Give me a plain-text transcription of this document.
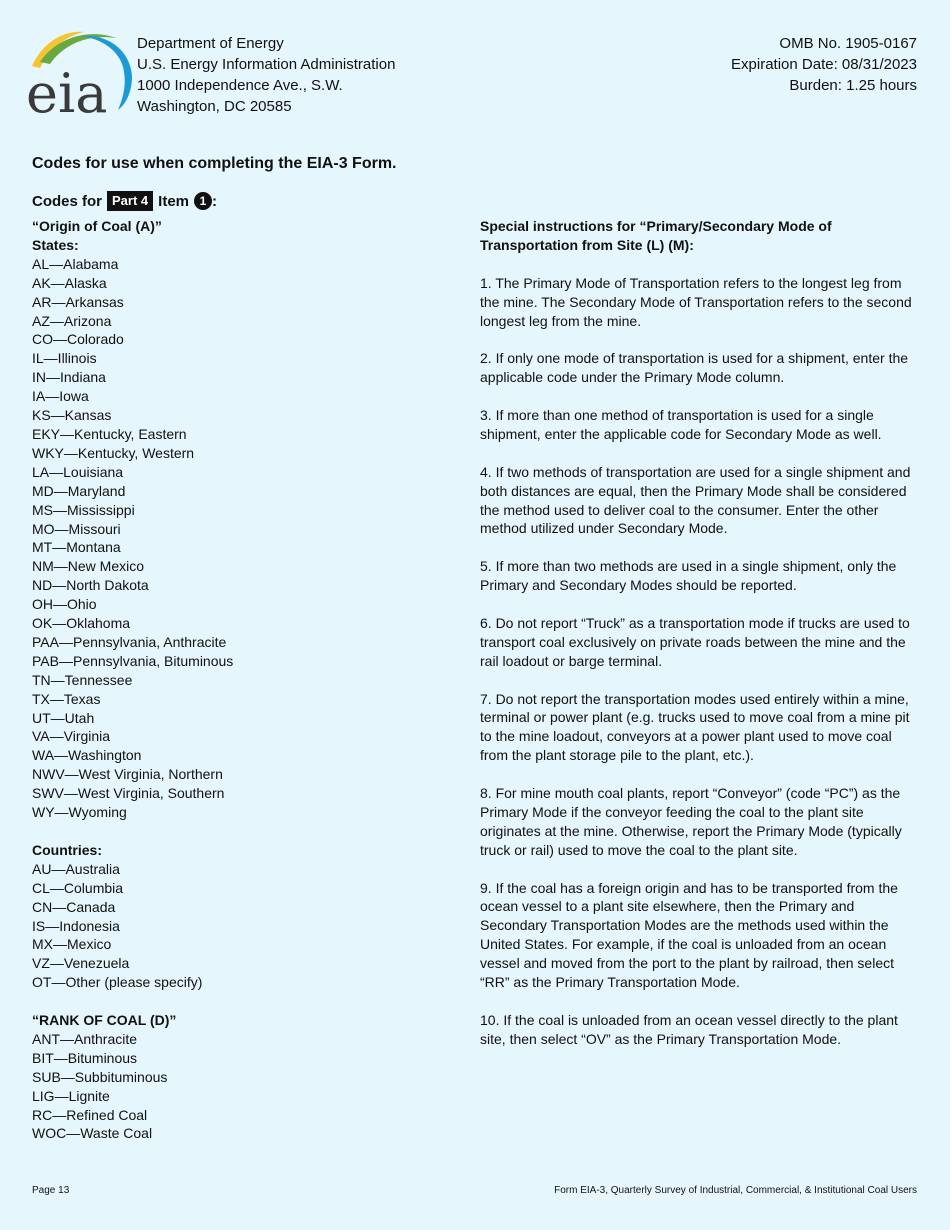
eia
Department of Energy
U.S. Energy Information Administration
1000 Independence Ave., S.W.
Washington, DC 20585
OMB No. 1905-0167
Expiration Date: 08/31/2023
Burden: 1.25 hours
Codes for use when completing the EIA-3 Form.
Codes for Part 4 Item 1 :
“Origin of Coal (A)”
States:
AL—Alabama
AK—Alaska
AR—Arkansas
AZ—Arizona
CO—Colorado
IL—Illinois
IN—Indiana
IA—Iowa
KS—Kansas
EKY—Kentucky, Eastern
WKY—Kentucky, Western
LA—Louisiana
MD—Maryland
MS—Mississippi
MO—Missouri
MT—Montana
NM—New Mexico
ND—North Dakota
OH—Ohio
OK—Oklahoma
PAA—Pennsylvania, Anthracite
PAB—Pennsylvania, Bituminous
TN—Tennessee
TX—Texas
UT—Utah
VA—Virginia
WA—Washington
NWV—West Virginia, Northern
SWV—West Virginia, Southern
WY—Wyoming
Countries:
AU—Australia
CL—Columbia
CN—Canada
IS—Indonesia
MX—Mexico
VZ—Venezuela
OT—Other (please specify)
“RANK OF COAL (D)”
ANT—Anthracite
BIT—Bituminous
SUB—Subbituminous
LIG—Lignite
RC—Refined Coal
WOC—Waste Coal

Special instructions for “Primary/Secondary Mode of Transportation from Site (L) (M):

1. The Primary Mode of Transportation refers to the longest leg from the mine. The Secondary Mode of Transportation refers to the second longest leg from the mine.

2. If only one mode of transportation is used for a shipment, enter the applicable code under the Primary Mode column.

3. If more than one method of transportation is used for a single shipment, enter the applicable code for Secondary Mode as well.

4. If two methods of transportation are used for a single shipment and both distances are equal, then the Primary Mode shall be considered the method used to deliver coal to the consumer. Enter the other method utilized under Secondary Mode.

5. If more than two methods are used in a single shipment, only the Primary and Secondary Modes should be reported.

6. Do not report “Truck” as a transportation mode if trucks are used to transport coal exclusively on private roads between the mine and the rail loadout or barge terminal.

7. Do not report the transportation modes used entirely within a mine, terminal or power plant (e.g. trucks used to move coal from a mine pit to the mine loadout, conveyors at a power plant used to move coal from the plant storage pile to the plant, etc.).

8. For mine mouth coal plants, report “Conveyor” (code “PC”) as the Primary Mode if the conveyor feeding the coal to the plant site originates at the mine. Otherwise, report the Primary Mode (typically truck or rail) used to move the coal to the plant site.

9. If the coal has a foreign origin and has to be transported from the ocean vessel to a plant site elsewhere, then the Primary and Secondary Transportation Modes are the methods used within the United States. For example, if the coal is unloaded from an ocean vessel and moved from the port to the plant by railroad, then select “RR” as the Primary Transportation Mode.

10. If the coal is unloaded from an ocean vessel directly to the plant site, then select “OV” as the Primary Transportation Mode.

Page 13	Form EIA-3, Quarterly Survey of Industrial, Commercial, & Institutional Coal Users
